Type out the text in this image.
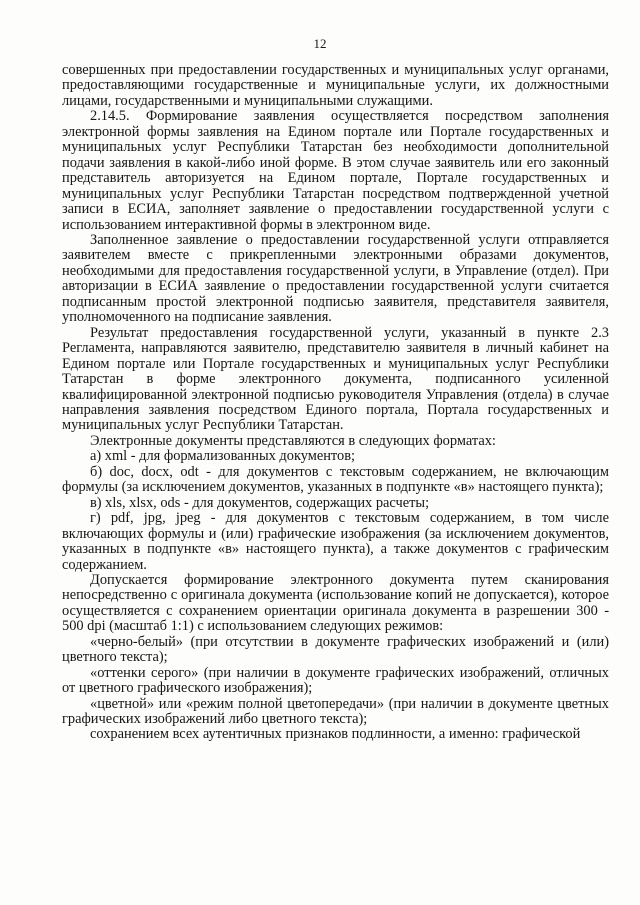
12

совершенных при предоставлении государственных и муниципальных услуг органами, предоставляющими государственные и муниципальные услуги, их должностными лицами, государственными и муниципальными служащими.

2.14.5. Формирование заявления осуществляется посредством заполнения электронной формы заявления на Едином портале или Портале государственных и муниципальных услуг Республики Татарстан без необходимости дополнительной подачи заявления в какой-либо иной форме. В этом случае заявитель или его законный представитель авторизуется на Едином портале, Портале государственных и муниципальных услуг Республики Татарстан посредством подтвержденной учетной записи в ЕСИА, заполняет заявление о предоставлении государственной услуги с использованием интерактивной формы в электронном виде.

Заполненное заявление о предоставлении государственной услуги отправляется заявителем вместе с прикрепленными электронными образами документов, необходимыми для предоставления государственной услуги, в Управление (отдел). При авторизации в ЕСИА заявление о предоставлении государственной услуги считается подписанным простой электронной подписью заявителя, представителя заявителя, уполномоченного на подписание заявления.

Результат предоставления государственной услуги, указанный в пункте 2.3 Регламента, направляются заявителю, представителю заявителя в личный кабинет на Едином портале или Портале государственных и муниципальных услуг Республики Татарстан в форме электронного документа, подписанного усиленной квалифицированной электронной подписью руководителя Управления (отдела) в случае направления заявления посредством Единого портала, Портала государственных и муниципальных услуг Республики Татарстан.

Электронные документы представляются в следующих форматах:

а) xml - для формализованных документов;

б) doc, docx, odt - для документов с текстовым содержанием, не включающим формулы (за исключением документов, указанных в подпункте «в» настоящего пункта);

в) xls, xlsx, ods - для документов, содержащих расчеты;

г) pdf, jpg, jpeg - для документов с текстовым содержанием, в том числе включающих формулы и (или) графические изображения (за исключением документов, указанных в подпункте «в» настоящего пункта), а также документов с графическим содержанием.

Допускается формирование электронного документа путем сканирования непосредственно с оригинала документа (использование копий не допускается), которое осуществляется с сохранением ориентации оригинала документа в разрешении 300 - 500 dpi (масштаб 1:1) с использованием следующих режимов:

«черно-белый» (при отсутствии в документе графических изображений и (или) цветного текста);

«оттенки серого» (при наличии в документе графических изображений, отличных от цветного графического изображения);

«цветной» или «режим полной цветопередачи» (при наличии в документе цветных графических изображений либо цветного текста);

сохранением всех аутентичных признаков подлинности, а именно: графической
